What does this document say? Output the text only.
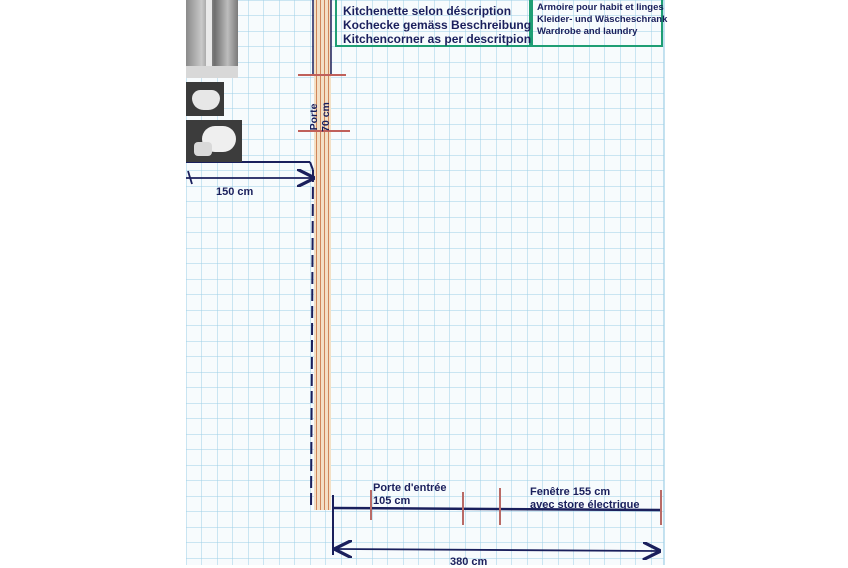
Kitchenette selon déscription
Kochecke gemäss Beschreibung
Kitchencorner as per descritpion
Armoire pour habit et linges
Kleider- und Wäscheschrank
Wardrobe and laundry
Porte 70 cm
150 cm
Porte d'entrée
105 cm
Fenêtre 155 cm
avec store électrique
380 cm
